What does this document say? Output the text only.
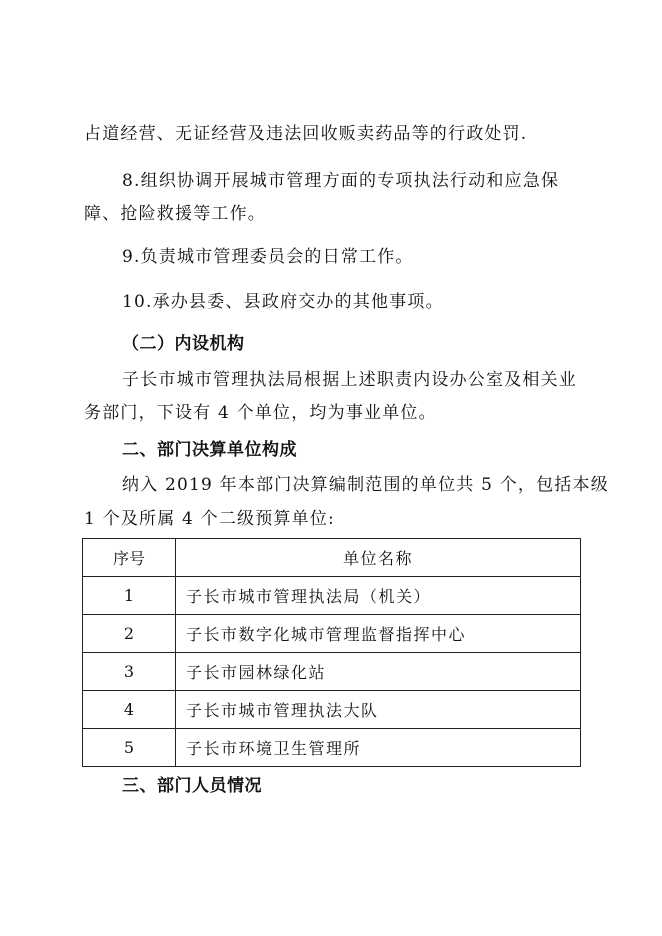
占道经营、无证经营及违法回收贩卖药品等的行政处罚.
8.组织协调开展城市管理方面的专项执法行动和应急保
障、抢险救援等工作。
9.负责城市管理委员会的日常工作。
10.承办县委、县政府交办的其他事项。
（二）内设机构
子长市城市管理执法局根据上述职责内设办公室及相关业
务部门，下设有 4 个单位，均为事业单位。
二、部门决算单位构成
纳入 2019 年本部门决算编制范围的单位共 5 个，包括本级
1 个及所属 4 个二级预算单位:
序号	单位名称
1	子长市城市管理执法局（机关）
2	子长市数字化城市管理监督指挥中心
3	子长市园林绿化站
4	子长市城市管理执法大队
5	子长市环境卫生管理所
三、部门人员情况
